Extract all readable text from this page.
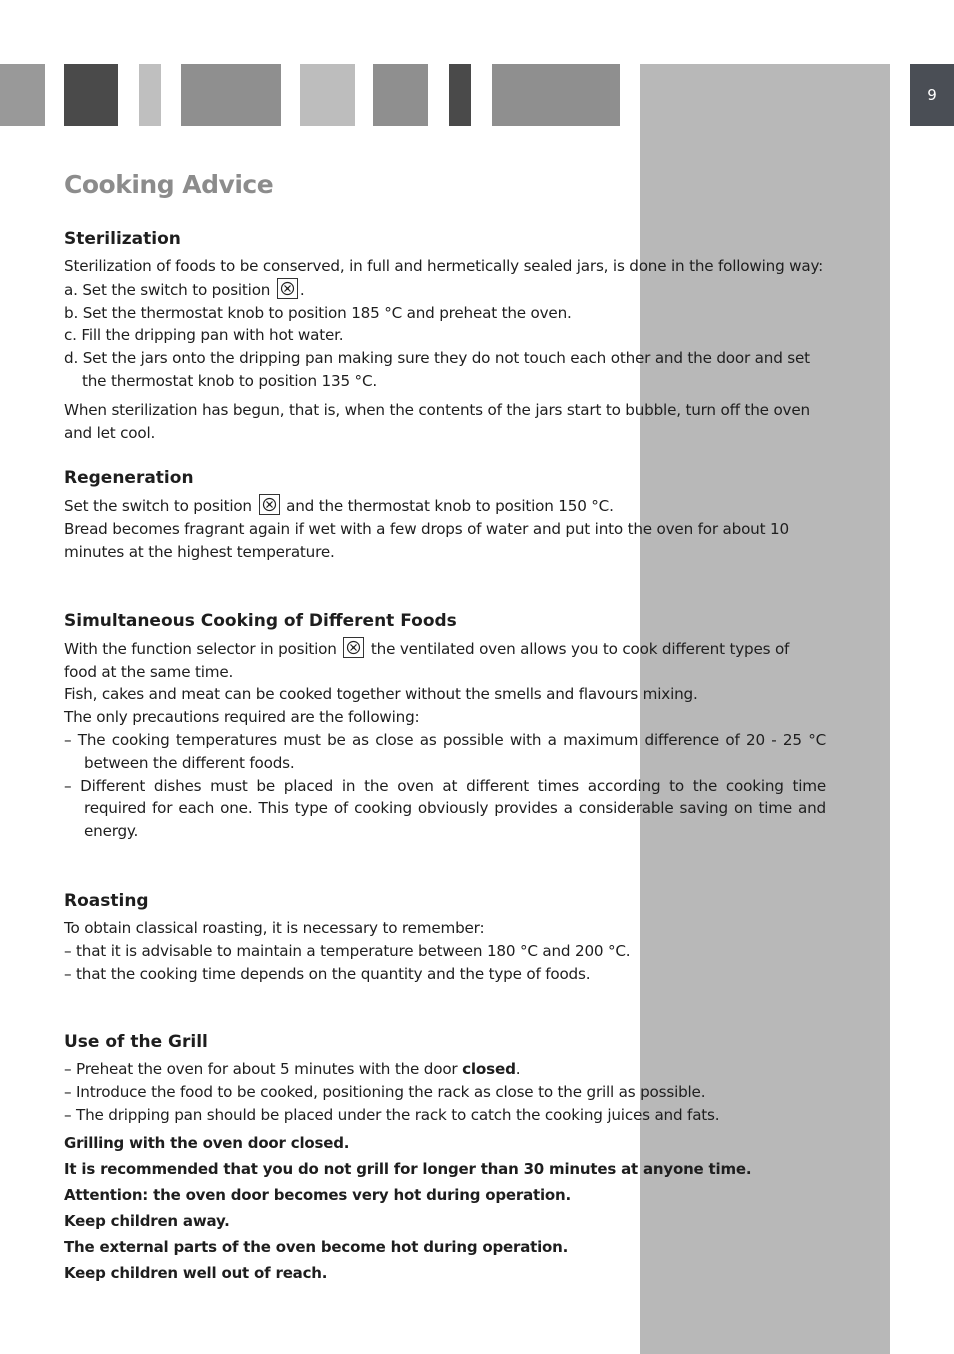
9
Cooking Advice
Sterilization

Sterilization of foods to be conserved, in full and hermetically sealed jars, is done in the following way:

a. Set the switch to position
.

b. Set the thermostat knob to position 185 °C and preheat the oven.

c. Fill the dripping pan with hot water.

d. Set the jars onto the dripping pan making sure they do not touch each other and the door and set the thermostat knob to position 135 °C.

When sterilization has begun, that is, when the contents of the jars start to bubble, turn off the oven and let cool.

Regeneration

Set the switch to position
and the thermostat knob to position 150 °C.

Bread becomes fragrant again if wet with a few drops of water and put into the oven for about 10 minutes at the highest temperature.

Simultaneous Cooking of Different Foods

With the function selector in position
the ventilated oven allows you to cook different types of food at the same time.

Fish, cakes and meat can be cooked together without the smells and flavours mixing.

The only precautions required are the following:

– The cooking temperatures must be as close as possible with a maximum difference of 20 - 25 °C between the different foods.

– Different dishes must be placed in the oven at different times according to the cooking time required for each one. This type of cooking obviously provides a considerable saving on time and energy.

Roasting

To obtain classical roasting, it is necessary to remember:

– that it is advisable to maintain a temperature between 180 °C and 200 °C.

– that the cooking time depends on the quantity and the type of foods.

Use of the Grill

– Preheat the oven for about 5 minutes with the door closed.

– Introduce the food to be cooked, positioning the rack as close to the grill as possible.

– The dripping pan should be placed under the rack to catch the cooking juices and fats.

Grilling with the oven door closed.

It is recommended that you do not grill for longer than 30 minutes at anyone time.

Attention: the oven door becomes very hot during operation.

Keep children away.

The external parts of the oven become hot during operation.

Keep children well out of reach.
